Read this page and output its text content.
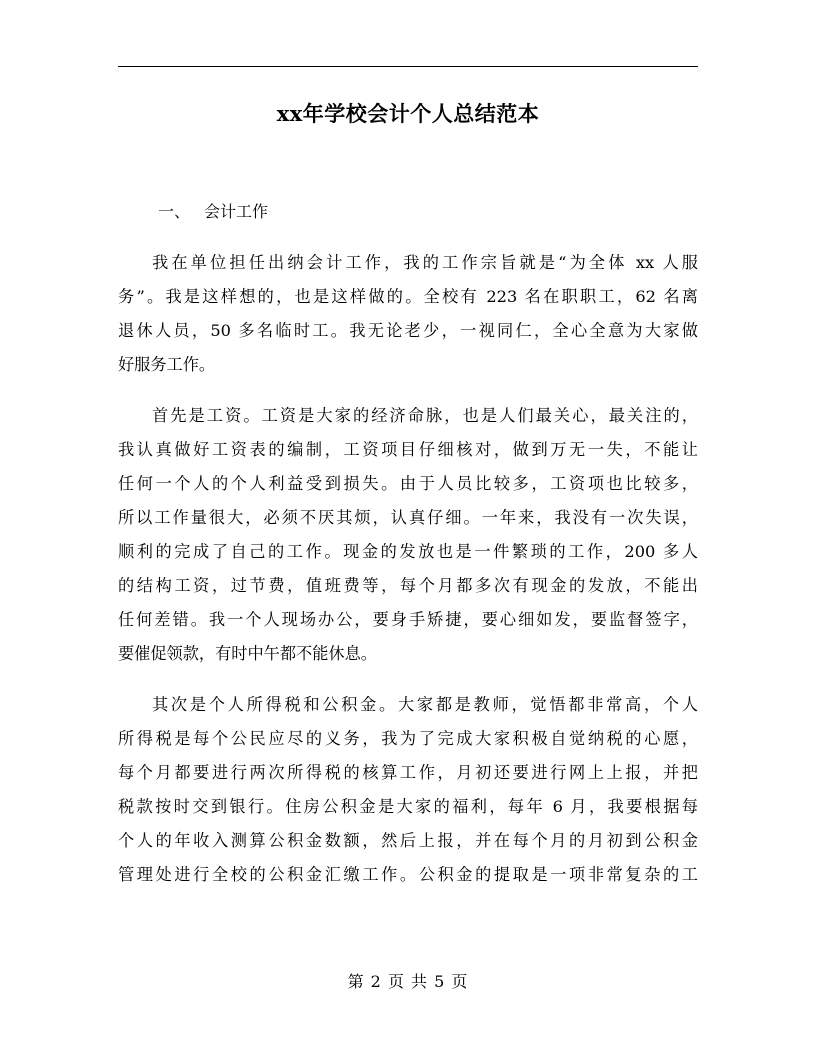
xx年学校会计个人总结范本
一、 会计工作
我在单位担任出纳会计工作，我的工作宗旨就是“为全体 xx 人服
务”。我是这样想的，也是这样做的。全校有 223 名在职职工，62 名离
退休人员，50 多名临时工。我无论老少，一视同仁，全心全意为大家做
好服务工作。
首先是工资。工资是大家的经济命脉，也是人们最关心，最关注的，
我认真做好工资表的编制，工资项目仔细核对，做到万无一失，不能让
任何一个人的个人利益受到损失。由于人员比较多，工资项也比较多，
所以工作量很大，必须不厌其烦，认真仔细。一年来，我没有一次失误，
顺利的完成了自己的工作。现金的发放也是一件繁琐的工作，200 多人
的结构工资，过节费，值班费等，每个月都多次有现金的发放，不能出
任何差错。我一个人现场办公，要身手矫捷，要心细如发，要监督签字，
要催促领款，有时中午都不能休息。
其次是个人所得税和公积金。大家都是教师，觉悟都非常高，个人
所得税是每个公民应尽的义务，我为了完成大家积极自觉纳税的心愿，
每个月都要进行两次所得税的核算工作，月初还要进行网上上报，并把
税款按时交到银行。住房公积金是大家的福利，每年 6 月，我要根据每
个人的年收入测算公积金数额，然后上报，并在每个月的月初到公积金
管理处进行全校的公积金汇缴工作。公积金的提取是一项非常复杂的工
第 2 页 共 5 页
